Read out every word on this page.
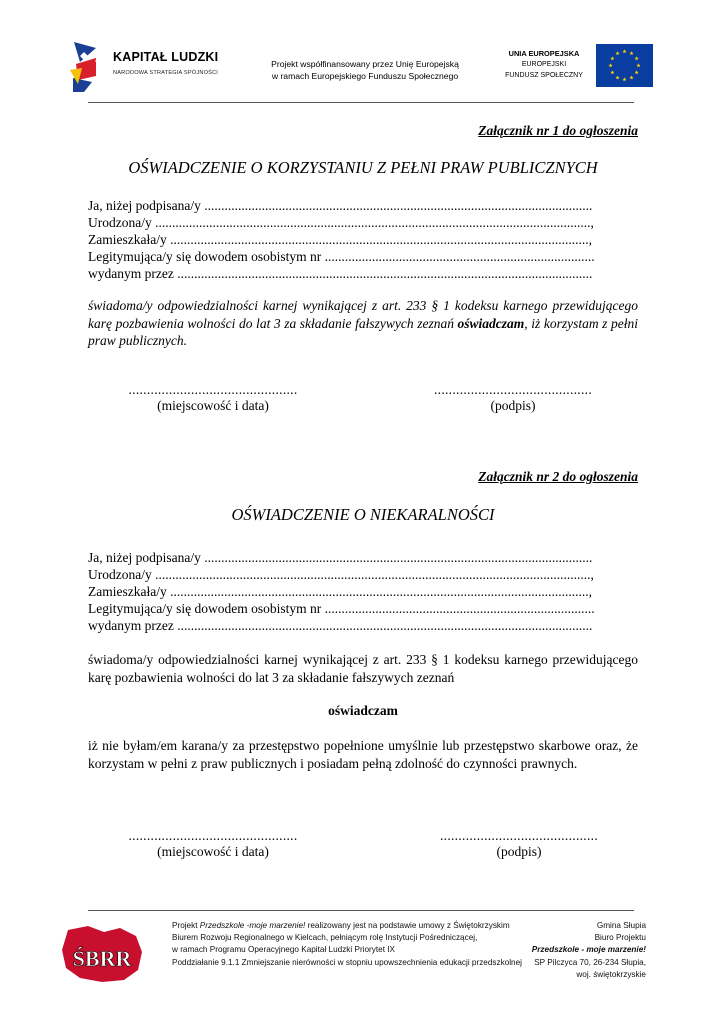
KAPITAŁ LUDZKI
NARODOWA STRATEGIA SPÓJNOŚCI
Projekt współfinansowany przez Unię Europejską
w ramach Europejskiego Funduszu Społecznego
UNIA EUROPEJSKA
EUROPEJSKI
FUNDUSZ SPOŁECZNY
Załącznik nr 1 do ogłoszenia
OŚWIADCZENIE O KORZYSTANIU Z PEŁNI PRAW PUBLICZNYCH
Ja, niżej podpisana/y ...................................................................................................................
Urodzona/y .................................................................................................................................,
Zamieszkała/y ............................................................................................................................,
Legitymująca/y się dowodem osobistym nr ................................................................................
wydanym przez ...........................................................................................................................
świadoma/y odpowiedzialności karnej wynikającej z art. 233 § 1 kodeksu karnego przewidującego karę pozbawienia wolności do lat 3 za składanie fałszywych zeznań oświadczam, iż korzystam z pełni praw publicznych.
..............................................
(miejscowość i data)
...........................................
(podpis)
Załącznik nr 2 do ogłoszenia
OŚWIADCZENIE O NIEKARALNOŚCI
Ja, niżej podpisana/y ...................................................................................................................
Urodzona/y .................................................................................................................................,
Zamieszkała/y ............................................................................................................................,
Legitymująca/y się dowodem osobistym nr ................................................................................
wydanym przez ...........................................................................................................................
świadoma/y odpowiedzialności karnej wynikającej z art. 233 § 1 kodeksu karnego przewidującego karę pozbawienia wolności do lat 3 za składanie fałszywych zeznań
oświadczam
iż nie byłam/em karana/y za przestępstwo popełnione umyślnie lub przestępstwo skarbowe oraz, że korzystam w pełni z praw publicznych i posiadam pełną zdolność do czynności prawnych.
..............................................
(miejscowość i data)
...........................................
(podpis)
ŚBRR
Projekt Przedszkole -moje marzenie! realizowany jest na podstawie umowy z Świętokrzyskim
Biurem Rozwoju Regionalnego w Kielcach, pełniącym rolę Instytucji Pośredniczącej,
w ramach Programu Operacyjnego Kapitał Ludzki Priorytet IX
Poddziałanie 9.1.1 Zmniejszanie nierówności w stopniu upowszechnienia edukacji przedszkolnej
Gmina Słupia
Biuro Projektu
Przedszkole - moje marzenie!
SP Pilczyca 70, 26-234 Słupia,
woj. świętokrzyskie
